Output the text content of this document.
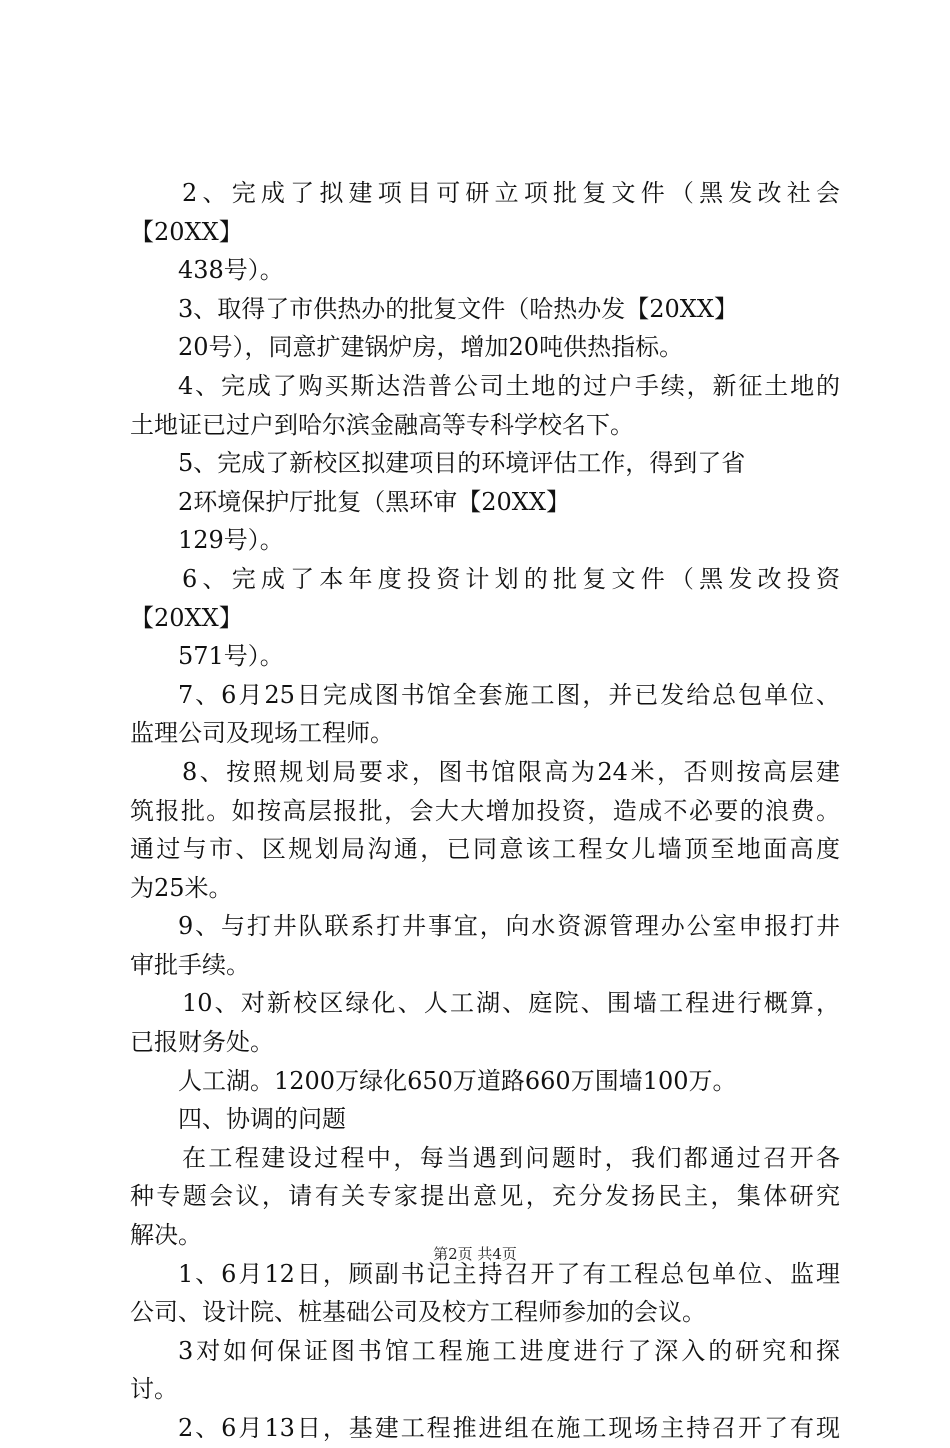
2、完成了拟建项目可研立项批复文件（黑发改社会
【20XX】
438号）。
3、取得了市供热办的批复文件（哈热办发【20XX】
20号），同意扩建锅炉房，增加20吨供热指标。
4、完成了购买斯达浩普公司土地的过户手续，新征土地的
土地证已过户到哈尔滨金融高等专科学校名下。
5、完成了新校区拟建项目的环境评估工作，得到了省
2环境保护厅批复（黑环审【20XX】
129号）。
6、完成了本年度投资计划的批复文件（黑发改投资
【20XX】
571号）。
7、6月25日完成图书馆全套施工图，并已发给总包单位、
监理公司及现场工程师。
8、按照规划局要求，图书馆限高为24米，否则按高层建
筑报批。如按高层报批，会大大增加投资，造成不必要的浪费。
通过与市、区规划局沟通，已同意该工程女儿墙顶至地面高度
为25米。
9、与打井队联系打井事宜，向水资源管理办公室申报打井
审批手续。
10、对新校区绿化、人工湖、庭院、围墙工程进行概算，
已报财务处。
人工湖。1200万绿化650万道路660万围墙100万。
四、协调的问题
在工程建设过程中，每当遇到问题时，我们都通过召开各
种专题会议，请有关专家提出意见，充分发扬民主，集体研究
解决。
1、6月12日，顾副书记主持召开了有工程总包单位、监理
公司、设计院、桩基础公司及校方工程师参加的会议。
3对如何保证图书馆工程施工进度进行了深入的研究和探
讨。
2、6月13日，基建工程推进组在施工现场主持召开了有现
第2页 共4页
